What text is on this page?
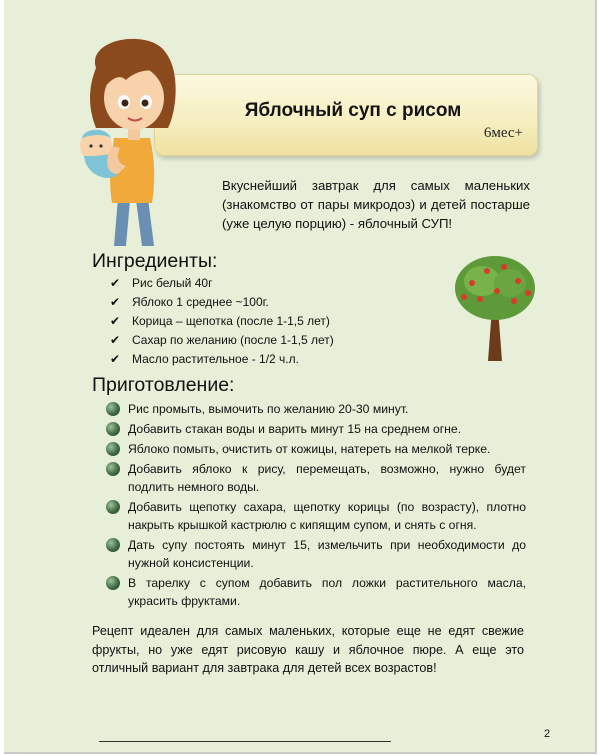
Яблочный суп с рисом
6мес+
Вкуснейший завтрак для самых маленьких (знакомство от пары микродоз) и детей постарше (уже целую порцию) - яблочный СУП!
Ингредиенты:
✔ Рис белый 40г
✔ Яблоко 1 среднее ~100г.
✔ Корица – щепотка (после 1-1,5 лет)
✔ Сахар по желанию (после 1-1,5 лет)
✔ Масло растительное - 1/2 ч.л.
Приготовление:
Рис промыть, вымочить по желанию 20-30 минут.
Добавить стакан воды и варить минут 15 на среднем огне.
Яблоко помыть, очистить от кожицы, натереть на мелкой терке.
Добавить яблоко к рису, перемещать, возможно, нужно будет подлить немного воды.
Добавить щепотку сахара, щепотку корицы (по возрасту), плотно накрыть крышкой кастрюлю с кипящим супом, и снять с огня.
Дать супу постоять минут 15, измельчить при необходимости до нужной консистенции.
В тарелку с супом добавить пол ложки растительного масла, украсить фруктами.
Рецепт идеален для самых маленьких, которые еще не едят свежие фрукты, но уже едят рисовую кашу и яблочное пюре. А еще это отличный вариант для завтрака для детей всех возрастов!
2
